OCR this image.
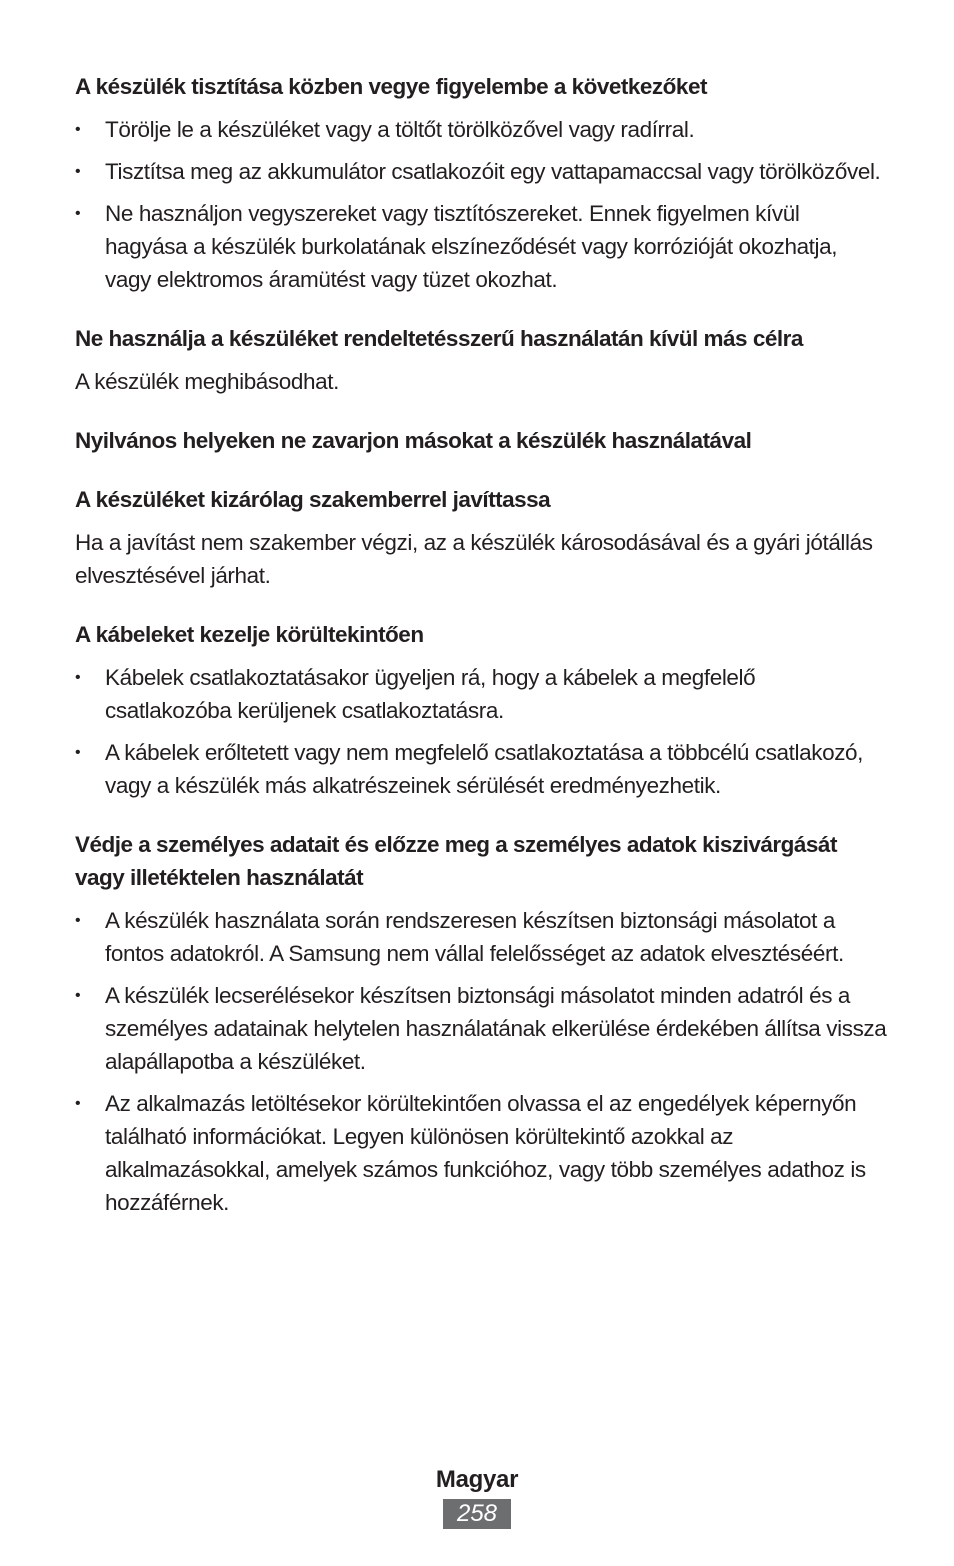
A készülék tisztítása közben vegye figyelembe a következőket
• Törölje le a készüléket vagy a töltőt törölközővel vagy radírral.
• Tisztítsa meg az akkumulátor csatlakozóit egy vattapamaccsal vagy törölközővel.
• Ne használjon vegyszereket vagy tisztítószereket. Ennek figyelmen kívül hagyása a készülék burkolatának elszíneződését vagy korrózióját okozhatja, vagy elektromos áramütést vagy tüzet okozhat.
Ne használja a készüléket rendeltetésszerű használatán kívül más célra

A készülék meghibásodhat.

Nyilvános helyeken ne zavarjon másokat a készülék használatával
A készüléket kizárólag szakemberrel javíttassa

Ha a javítást nem szakember végzi, az a készülék károsodásával és a gyári jótállás elvesztésével járhat.

A kábeleket kezelje körültekintően
• Kábelek csatlakoztatásakor ügyeljen rá, hogy a kábelek a megfelelő csatlakozóba kerüljenek csatlakoztatásra.
• A kábelek erőltetett vagy nem megfelelő csatlakoztatása a többcélú csatlakozó, vagy a készülék más alkatrészeinek sérülését eredményezhetik.
Védje a személyes adatait és előzze meg a személyes adatok kiszivárgását vagy illetéktelen használatát
• A készülék használata során rendszeresen készítsen biztonsági másolatot a fontos adatokról. A Samsung nem vállal felelősséget az adatok elvesztéséért.
• A készülék lecserélésekor készítsen biztonsági másolatot minden adatról és a személyes adatainak helytelen használatának elkerülése érdekében állítsa vissza alapállapotba a készüléket.
• Az alkalmazás letöltésekor körültekintően olvassa el az engedélyek képernyőn található információkat. Legyen különösen körültekintő azokkal az alkalmazásokkal, amelyek számos funkcióhoz, vagy több személyes adathoz is hozzáférnek.
Magyar
258
